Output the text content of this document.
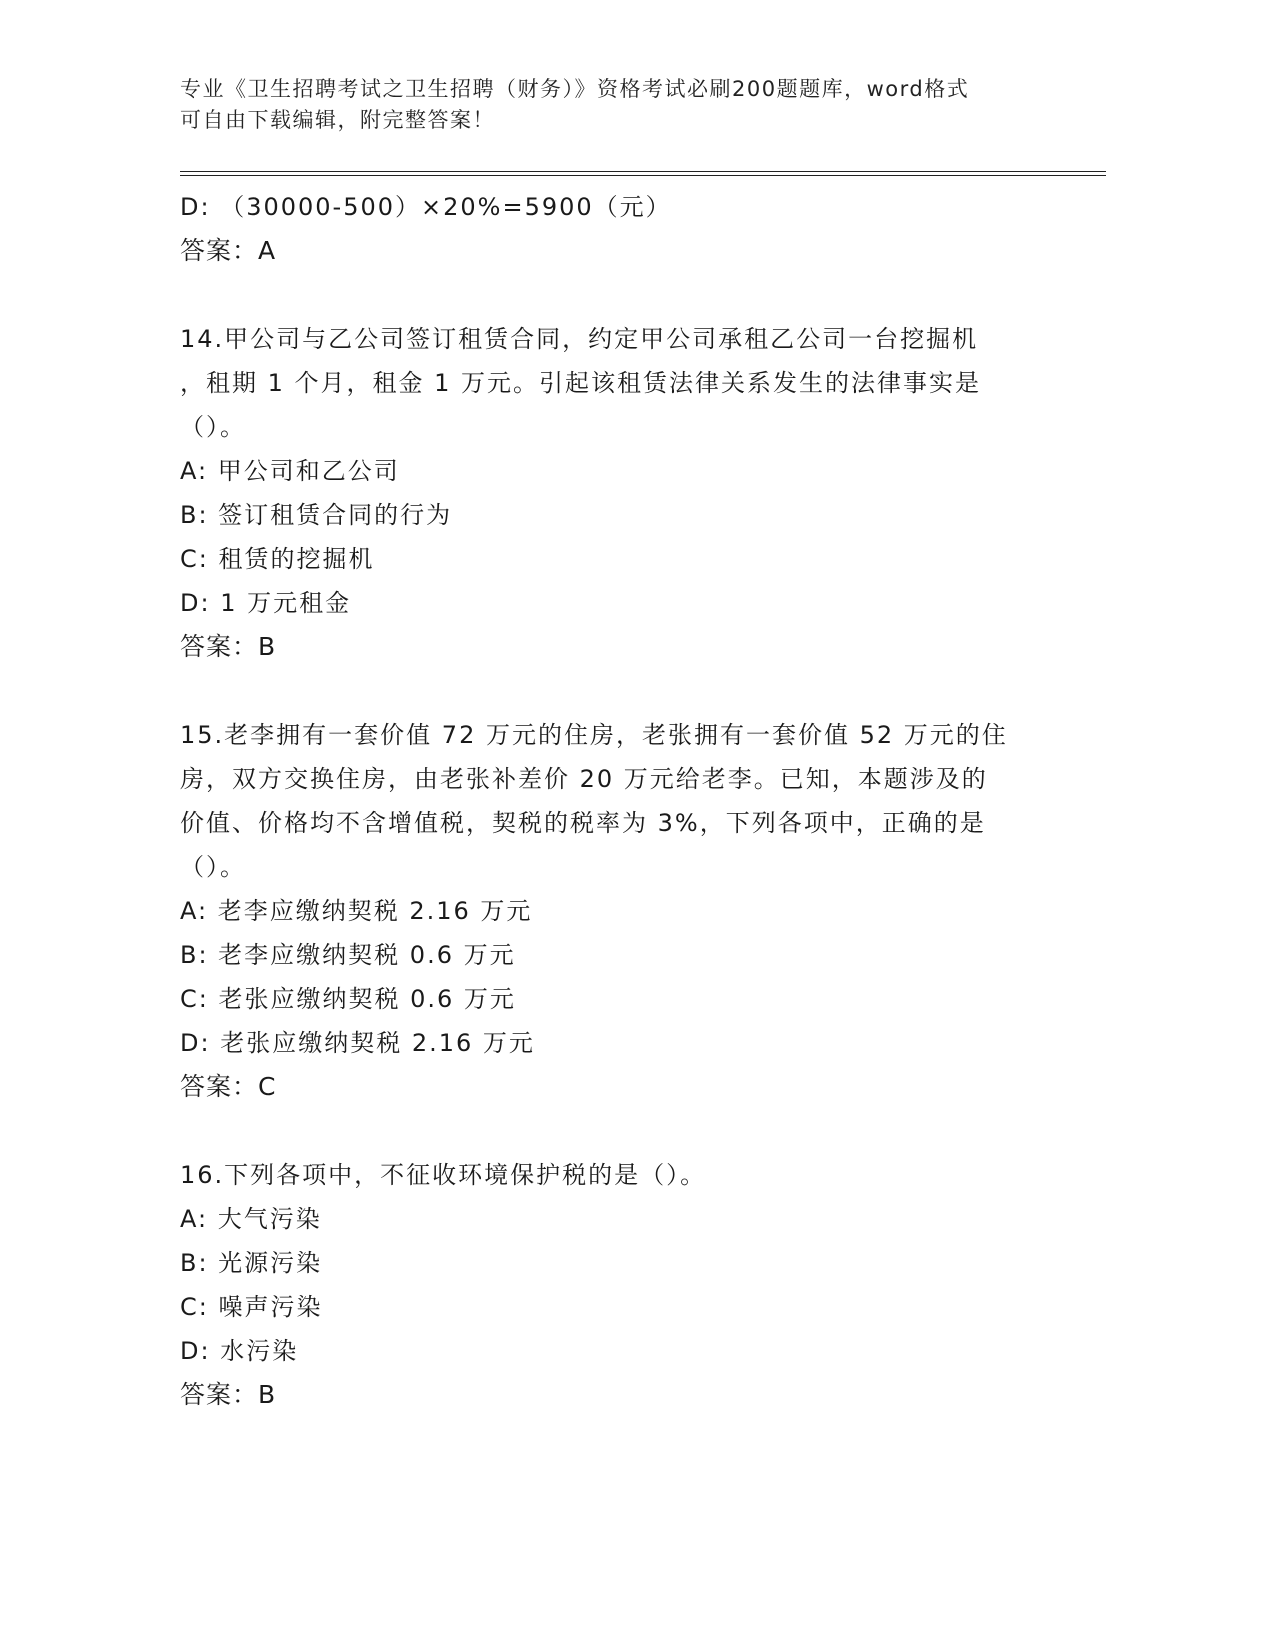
专业《卫生招聘考试之卫生招聘（财务）》资格考试必刷200题题库，word格式
可自由下载编辑，附完整答案！
D: （30000-500）×20%=5900（元）
答案：A
14.甲公司与乙公司签订租赁合同，约定甲公司承租乙公司一台挖掘机
，租期 1 个月，租金 1 万元。引起该租赁法律关系发生的法律事实是
（）。
A: 甲公司和乙公司
B: 签订租赁合同的行为
C: 租赁的挖掘机
D: 1 万元租金
答案：B
15.老李拥有一套价值 72 万元的住房，老张拥有一套价值 52 万元的住
房，双方交换住房，由老张补差价 20 万元给老李。已知，本题涉及的
价值、价格均不含增值税，契税的税率为 3%，下列各项中，正确的是
（）。
A: 老李应缴纳契税 2.16 万元
B: 老李应缴纳契税 0.6 万元
C: 老张应缴纳契税 0.6 万元
D: 老张应缴纳契税 2.16 万元
答案：C
16.下列各项中，不征收环境保护税的是（）。
A: 大气污染
B: 光源污染
C: 噪声污染
D: 水污染
答案：B
